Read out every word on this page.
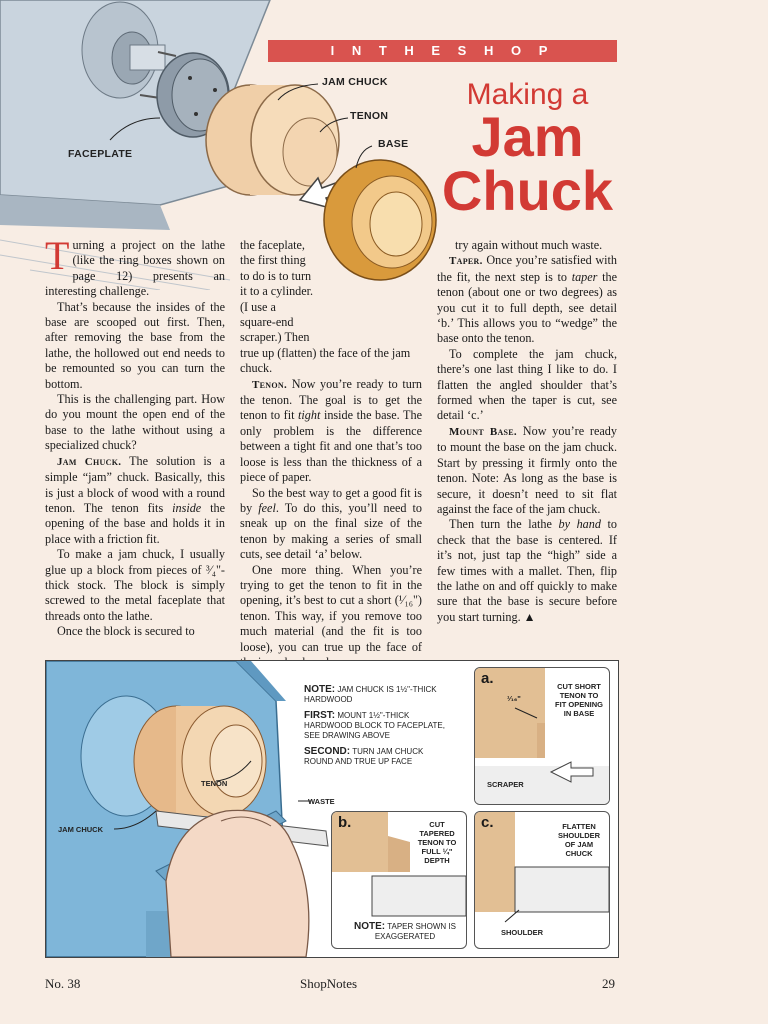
JAM CHUCK
TENON
BASE
FACEPLATE
I N T H E S H O P
Making a
Jam
Chuck

Turning a project on the lathe (like the ring boxes shown on page 12) presents an interesting challenge.

That’s because the insides of the base are scooped out first. Then, after removing the base from the lathe, the hollowed out end needs to be remounted so you can turn the bottom.

This is the challenging part. How do you mount the open end of the base to the lathe without using a specialized chuck?

Jam Chuck. The solution is a simple “jam” chuck. Basically, this is just a block of wood with a round tenon. The tenon fits inside the opening of the base and holds it in place with a friction fit.

To make a jam chuck, I usually glue up a block from pieces of ³⁄₄"-thick stock. The block is simply screwed to the metal faceplate that threads onto the lathe.

Once the block is secured to

the faceplate, the first thing to do is to turn it to a cylinder. (I use a square-end scraper.) Then true up (flatten) the face of the jam chuck.

Tenon. Now you’re ready to turn the tenon. The goal is to get the tenon to fit tight inside the base. The only problem is the difference between a tight fit and one that’s too loose is less than the thickness of a piece of paper.

So the best way to get a good fit is by feel. To do this, you’ll need to sneak up on the final size of the tenon by making a series of small cuts, see detail ‘a’ below.

One more thing. When you’re trying to get the tenon to fit in the opening, it’s best to cut a short (¹⁄₁₆") tenon. This way, if you remove too much material (and the fit is too loose), you can true up the face of

try again without much waste.

Taper. Once you’re satisfied with the fit, the next step is to taper the tenon (about one or two degrees) as you cut it to full depth, see detail ‘b.’ This allows you to “wedge” the base onto the tenon.

To complete the jam chuck, there’s one last thing I like to do. I flatten the angled shoulder that’s formed when the taper is cut, see detail ‘c.’

Mount Base. Now you’re ready to mount the base on the jam chuck. Start by pressing it firmly onto the tenon. Note: As long as the base is secure, it doesn’t need to sit flat against the face of the jam chuck.

Then turn the lathe by hand to check that the base is centered. If it’s not, just tap the “high” side a few times with a mallet. Then, flip the lathe on and off quickly to make sure that the base is secure before you start turning. ▲

TENON
JAM CHUCK
WASTE
NOTE: JAM CHUCK IS 1½"-THICK HARDWOOD
FIRST: MOUNT 1½"-THICK HARDWOOD BLOCK TO FACEPLATE, SEE DRAWING ABOVE
SECOND: TURN JAM CHUCK ROUND AND TRUE UP FACE
a.
¹⁄₁₆"
CUT SHORT TENON TO FIT OPENING IN BASE
SCRAPER
b.	CUT TAPERED TENON TO FULL ¼" DEPTH
NOTE: TAPER SHOWN IS EXAGGERATED
c.	FLATTEN SHOULDER OF JAM CHUCK
SHOULDER
No. 38	ShopNotes	29
